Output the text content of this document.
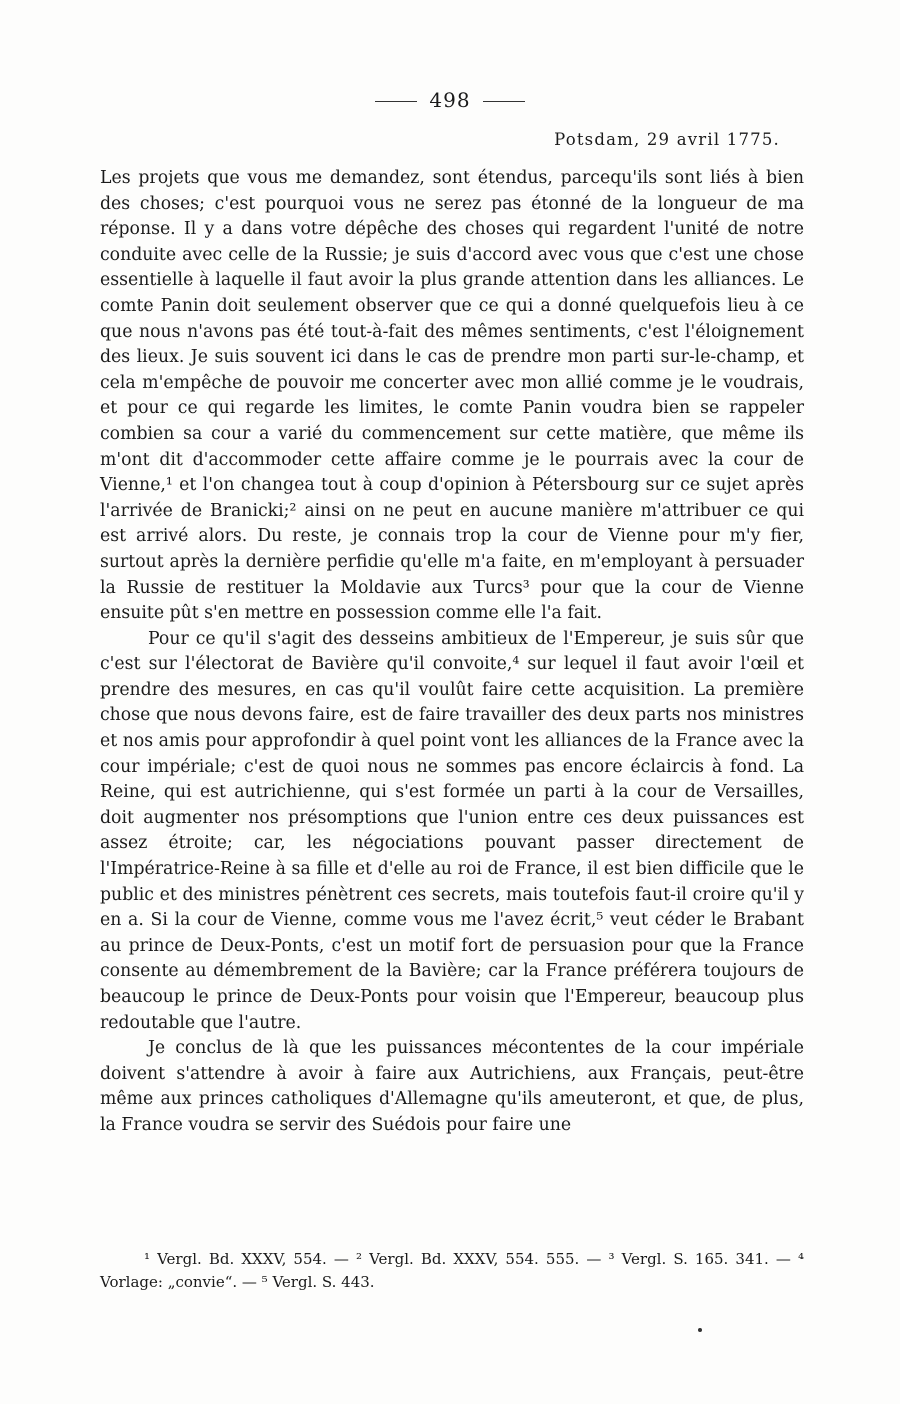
498
Potsdam, 29 avril 1775.

Les projets que vous me demandez, sont étendus, parcequ'ils sont liés à bien des choses; c'est pourquoi vous ne serez pas étonné de la longueur de ma réponse. Il y a dans votre dépêche des choses qui regardent l'unité de notre conduite avec celle de la Russie; je suis d'accord avec vous que c'est une chose essentielle à laquelle il faut avoir la plus grande attention dans les alliances. Le comte Panin doit seulement observer que ce qui a donné quelquefois lieu à ce que nous n'avons pas été tout-à-fait des mêmes sentiments, c'est l'éloignement des lieux. Je suis souvent ici dans le cas de prendre mon parti sur-le-champ, et cela m'empêche de pouvoir me concerter avec mon allié comme je le voudrais, et pour ce qui regarde les limites, le comte Panin voudra bien se rappeler combien sa cour a varié du commencement sur cette matière, que même ils m'ont dit d'accommoder cette affaire comme je le pourrais avec la cour de Vienne,¹ et l'on changea tout à coup d'opinion à Pétersbourg sur ce sujet après l'arrivée de Branicki;² ainsi on ne peut en aucune manière m'attribuer ce qui est arrivé alors. Du reste, je connais trop la cour de Vienne pour m'y fier, surtout après la dernière perfidie qu'elle m'a faite, en m'employant à persuader la Russie de restituer la Moldavie aux Turcs³ pour que la cour de Vienne ensuite pût s'en mettre en possession comme elle l'a fait.

Pour ce qu'il s'agit des desseins ambitieux de l'Empereur, je suis sûr que c'est sur l'électorat de Bavière qu'il convoite,⁴ sur lequel il faut avoir l'œil et prendre des mesures, en cas qu'il voulût faire cette acquisition. La première chose que nous devons faire, est de faire travailler des deux parts nos ministres et nos amis pour approfondir à quel point vont les alliances de la France avec la cour impériale; c'est de quoi nous ne sommes pas encore éclaircis à fond. La Reine, qui est autrichienne, qui s'est formée un parti à la cour de Versailles, doit augmenter nos présomptions que l'union entre ces deux puissances est assez étroite; car, les négociations pouvant passer directement de l'Impératrice-Reine à sa fille et d'elle au roi de France, il est bien difficile que le public et des ministres pénètrent ces secrets, mais toutefois faut-il croire qu'il y en a. Si la cour de Vienne, comme vous me l'avez écrit,⁵ veut céder le Brabant au prince de Deux-Ponts, c'est un motif fort de persuasion pour que la France consente au démembrement de la Bavière; car la France préférera toujours de beaucoup le prince de Deux-Ponts pour voisin que l'Empereur, beaucoup plus redoutable que l'autre.

Je conclus de là que les puissances mécontentes de la cour impériale doivent s'attendre à avoir à faire aux Autrichiens, aux Français, peut-être même aux princes catholiques d'Allemagne qu'ils ameuteront, et que, de plus, la France voudra se servir des Suédois pour faire une

¹ Vergl. Bd. XXXV, 554. — ² Vergl. Bd. XXXV, 554. 555. — ³ Vergl. S. 165. 341. — ⁴ Vorlage: „convie“. — ⁵ Vergl. S. 443.
